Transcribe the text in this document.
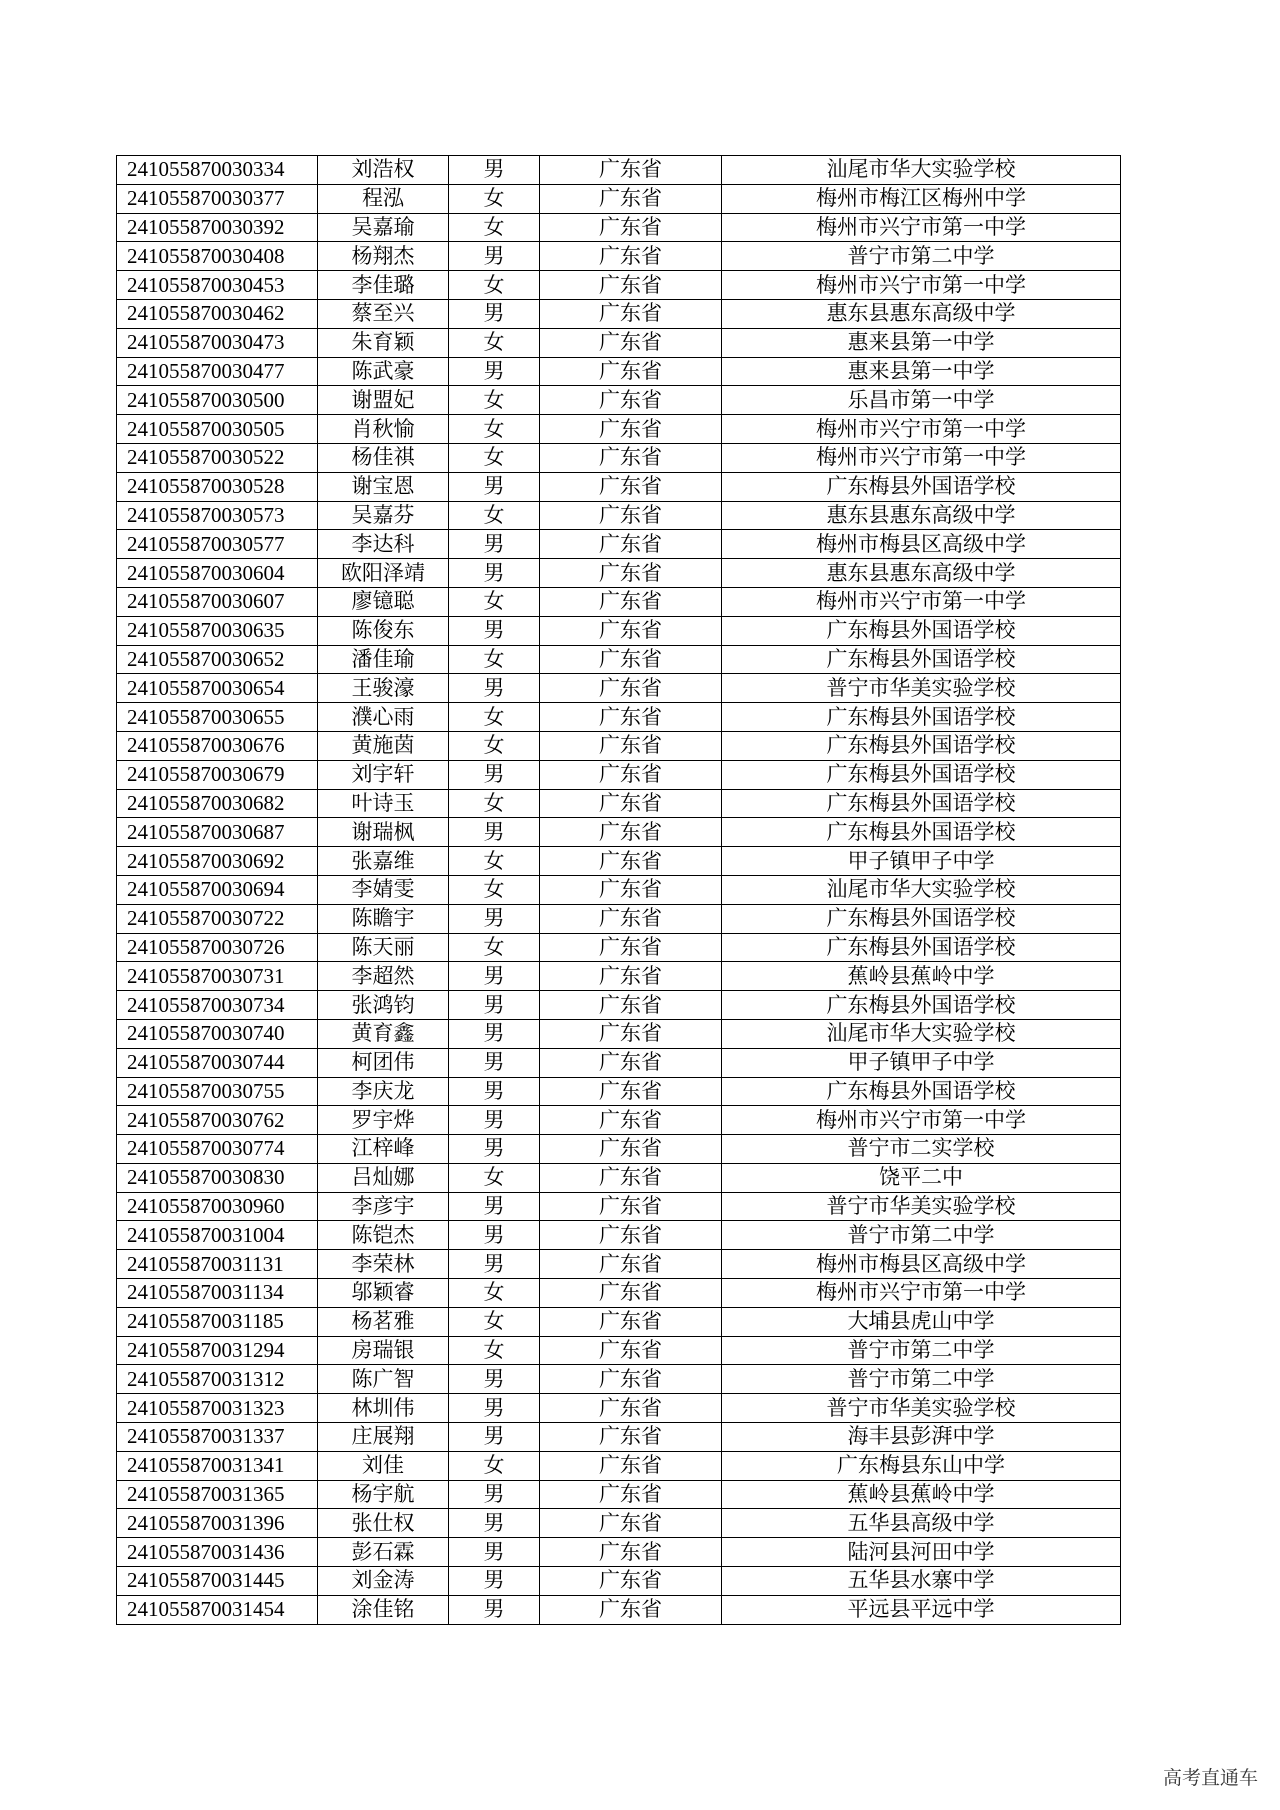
241055870030334	刘浩权	男	广东省	汕尾市华大实验学校
241055870030377	程泓	女	广东省	梅州市梅江区梅州中学
241055870030392	吴嘉瑜	女	广东省	梅州市兴宁市第一中学
241055870030408	杨翔杰	男	广东省	普宁市第二中学
241055870030453	李佳璐	女	广东省	梅州市兴宁市第一中学
241055870030462	蔡至兴	男	广东省	惠东县惠东高级中学
241055870030473	朱育颖	女	广东省	惠来县第一中学
241055870030477	陈武豪	男	广东省	惠来县第一中学
241055870030500	谢盟妃	女	广东省	乐昌市第一中学
241055870030505	肖秋愉	女	广东省	梅州市兴宁市第一中学
241055870030522	杨佳祺	女	广东省	梅州市兴宁市第一中学
241055870030528	谢宝恩	男	广东省	广东梅县外国语学校
241055870030573	吴嘉芬	女	广东省	惠东县惠东高级中学
241055870030577	李达科	男	广东省	梅州市梅县区高级中学
241055870030604	欧阳泽靖	男	广东省	惠东县惠东高级中学
241055870030607	廖镱聪	女	广东省	梅州市兴宁市第一中学
241055870030635	陈俊东	男	广东省	广东梅县外国语学校
241055870030652	潘佳瑜	女	广东省	广东梅县外国语学校
241055870030654	王骏濠	男	广东省	普宁市华美实验学校
241055870030655	濮心雨	女	广东省	广东梅县外国语学校
241055870030676	黄施茵	女	广东省	广东梅县外国语学校
241055870030679	刘宇轩	男	广东省	广东梅县外国语学校
241055870030682	叶诗玉	女	广东省	广东梅县外国语学校
241055870030687	谢瑞枫	男	广东省	广东梅县外国语学校
241055870030692	张嘉维	女	广东省	甲子镇甲子中学
241055870030694	李婧雯	女	广东省	汕尾市华大实验学校
241055870030722	陈瞻宇	男	广东省	广东梅县外国语学校
241055870030726	陈天丽	女	广东省	广东梅县外国语学校
241055870030731	李超然	男	广东省	蕉岭县蕉岭中学
241055870030734	张鸿钧	男	广东省	广东梅县外国语学校
241055870030740	黄育鑫	男	广东省	汕尾市华大实验学校
241055870030744	柯团伟	男	广东省	甲子镇甲子中学
241055870030755	李庆龙	男	广东省	广东梅县外国语学校
241055870030762	罗宇烨	男	广东省	梅州市兴宁市第一中学
241055870030774	江梓峰	男	广东省	普宁市二实学校
241055870030830	吕灿娜	女	广东省	饶平二中
241055870030960	李彦宇	男	广东省	普宁市华美实验学校
241055870031004	陈铠杰	男	广东省	普宁市第二中学
241055870031131	李荣林	男	广东省	梅州市梅县区高级中学
241055870031134	邬颖睿	女	广东省	梅州市兴宁市第一中学
241055870031185	杨茗雅	女	广东省	大埔县虎山中学
241055870031294	房瑞银	女	广东省	普宁市第二中学
241055870031312	陈广智	男	广东省	普宁市第二中学
241055870031323	林圳伟	男	广东省	普宁市华美实验学校
241055870031337	庄展翔	男	广东省	海丰县彭湃中学
241055870031341	刘佳	女	广东省	广东梅县东山中学
241055870031365	杨宇航	男	广东省	蕉岭县蕉岭中学
241055870031396	张仕权	男	广东省	五华县高级中学
241055870031436	彭石霖	男	广东省	陆河县河田中学
241055870031445	刘金涛	男	广东省	五华县水寨中学
241055870031454	涂佳铭	男	广东省	平远县平远中学
高考直通车
